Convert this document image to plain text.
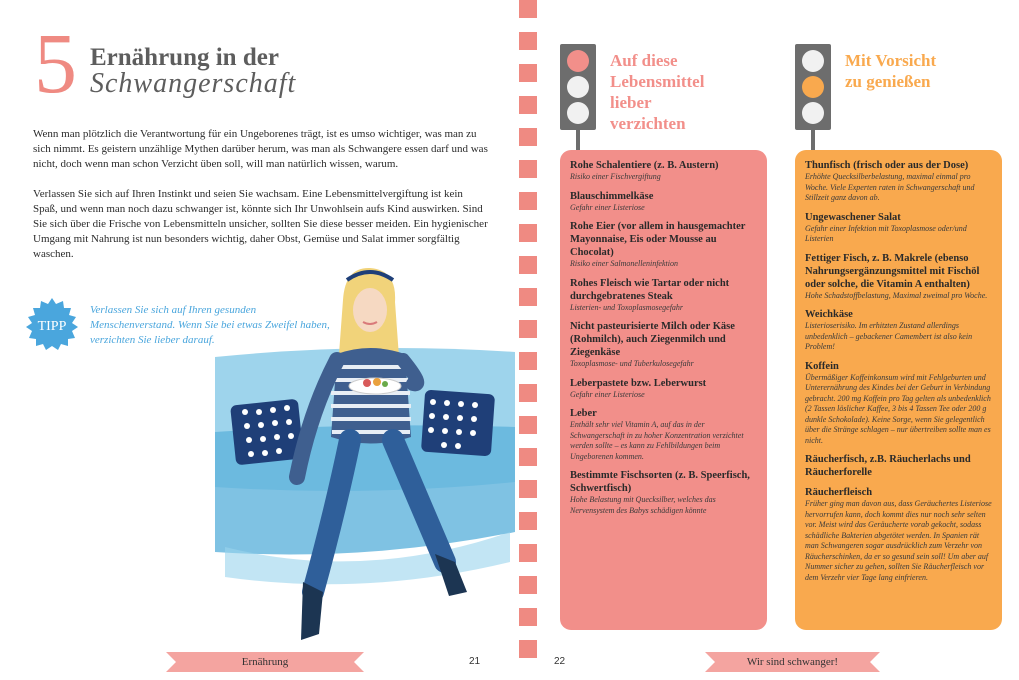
5 Ernährung in der
Schwangerschaft

Wenn man plötzlich die Verantwortung für ein Ungeborenes trägt, ist es umso wichtiger, was man zu sich nimmt. Es geistern unzählige Mythen darüber herum, was man als Schwangere essen darf und was nicht, doch wenn man schon Verzicht üben soll, will man natürlich wissen, warum.

Verlassen Sie sich auf Ihren Instinkt und seien Sie wachsam. Eine Lebensmittelvergiftung ist kein Spaß, und wenn man noch dazu schwanger ist, könnte sich Ihr Unwohlsein aufs Kind auswirken. Sind Sie sich über die Frische von Lebensmitteln unsicher, sollten Sie diese besser meiden. Ein hygienischer Umgang mit Nahrung ist nun besonders wichtig, daher Obst, Gemüse und Salat immer sorgfältig waschen.

TIPP
Verlassen Sie sich auf Ihren gesunden Menschenverstand. Wenn Sie bei etwas Zweifel haben, verzichten Sie lieber darauf.
Ernährung	21
Auf diese
Lebensmittel
lieber
verzichten
Rohe Schalentiere (z. B. Austern)
Risiko einer Fischvergiftung
Blauschimmelkäse
Gefahr einer Listeriose
Rohe Eier (vor allem in hausgemachter Mayonnaise, Eis oder Mousse au Chocolat)
Risiko einer Salmonelleninfektion
Rohes Fleisch wie Tartar oder nicht durchgebratenes Steak
Listerien- und Toxoplasmosegefahr
Nicht pasteurisierte Milch oder Käse (Rohmilch), auch Ziegenmilch und Ziegenkäse
Toxoplasmose- und Tuberkulosegefahr
Leberpastete bzw. Leberwurst
Gefahr einer Listeriose
Leber
Enthält sehr viel Vitamin A, auf das in der Schwangerschaft in zu hoher Konzentration verzichtet werden sollte – es kann zu Fehlbildungen beim Ungeborenen kommen.
Bestimmte Fischsorten (z. B. Speerfisch, Schwertfisch)
Hohe Belastung mit Quecksilber, welches das Nervensystem des Babys schädigen könnte
Mit Vorsicht
zu genießen
Thunfisch (frisch oder aus der Dose)
Erhöhte Quecksilberbelastung, maximal einmal pro Woche. Viele Experten raten in Schwangerschaft und Stillzeit ganz davon ab.
Ungewaschener Salat
Gefahr einer Infektion mit Toxoplasmose oder/und Listerien
Fettiger Fisch, z. B. Makrele (ebenso Nahrungsergänzungsmittel mit Fischöl oder solche, die Vitamin A enthalten)
Hohe Schadstoffbelastung, Maximal zweimal pro Woche.
Weichkäse
Listerioserisiko. Im erhitzten Zustand allerdings unbedenklich – gebackener Camembert ist also kein Problem!
Koffein
Übermäßiger Koffeinkonsum wird mit Fehlgeburten und Unterernährung des Kindes bei der Geburt in Verbindung gebracht. 200 mg Koffein pro Tag gelten als unbedenklich (2 Tassen löslicher Kaffee, 3 bis 4 Tassen Tee oder 200 g dunkle Schokolade). Keine Sorge, wenn Sie gelegentlich über die Stränge schlagen – nur übertreiben sollte man es nicht.
Räucherfisch, z.B. Räucherlachs und Räucherforelle
Räucherfleisch
Früher ging man davon aus, dass Geräuchertes Listeriose hervorrufen kann, doch kommt dies nur noch sehr selten vor. Meist wird das Geräucherte vorab gekocht, sodass schädliche Bakterien abgetötet werden. In Spanien rät man Schwangeren sogar ausdrücklich zum Verzehr von Räucherschinken, da er so gesund sein soll! Um aber auf Nummer sicher zu gehen, sollten Sie Räucherfleisch vor dem Verzehr vier Tage lang einfrieren.
22	Wir sind schwanger!
